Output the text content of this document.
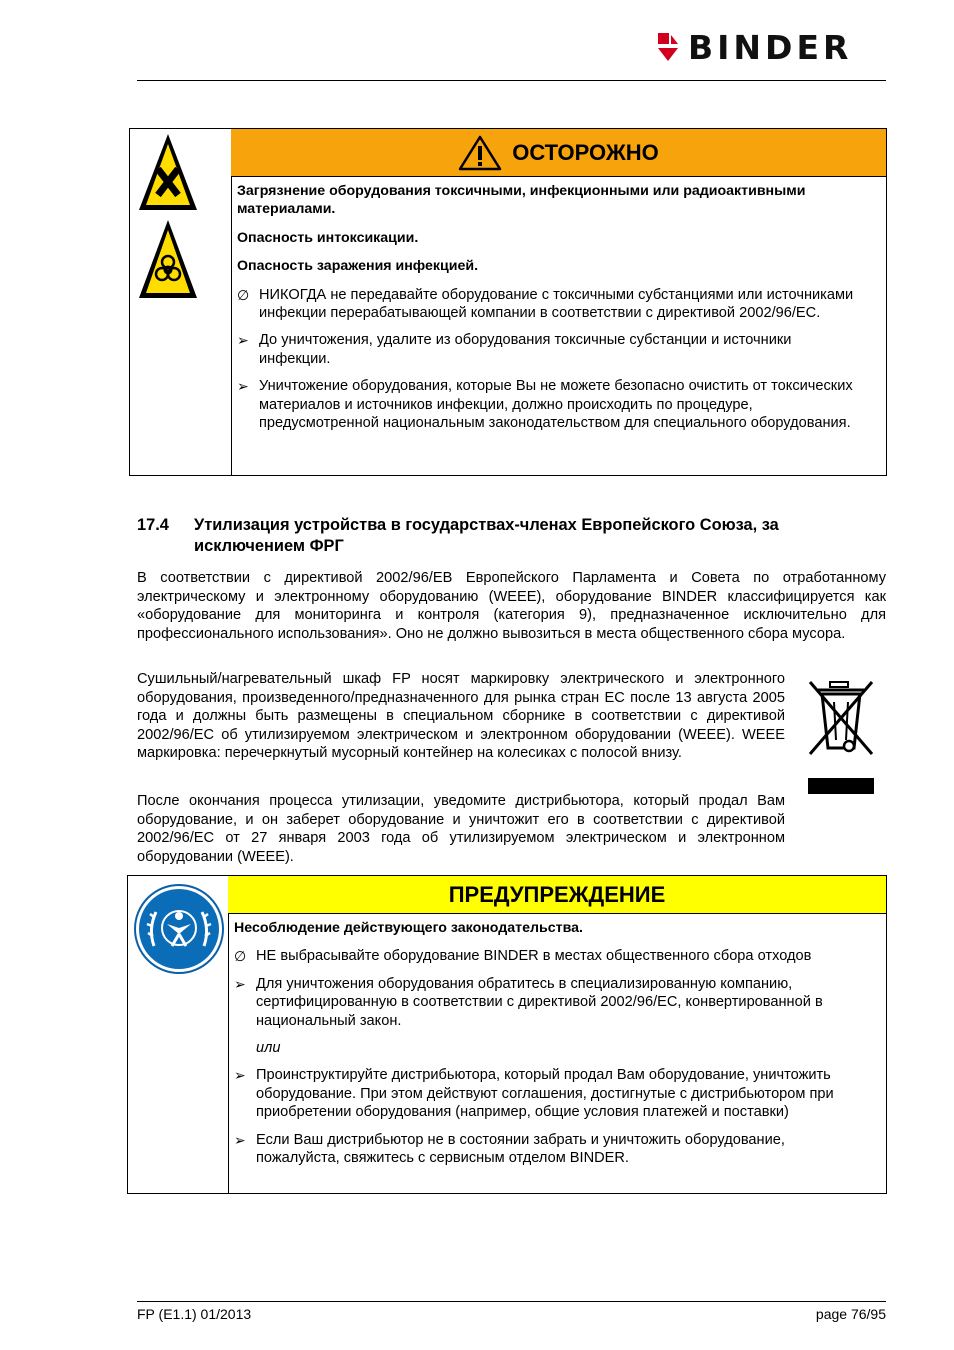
BINDER
ОСТОРОЖНО
Загрязнение оборудования токсичными, инфекционными или радиоактивными материалами.
Опасность интоксикации.
Опасность заражения инфекцией.
∅ НИКОГДА не передавайте оборудование с токсичными субстанциями или источниками инфекции перерабатывающей компании в соответствии с директивой 2002/96/ЕС.
➢ До уничтожения, удалите из оборудования токсичные субстанции и источники инфекции.
➢ Уничтожение оборудования, которые Вы не можете безопасно очистить от токсических материалов и источников инфекции, должно происходить по процедуре, предусмотренной национальным законодательством для специального оборудования.
17.4 Утилизация устройства в государствах-членах Европейского Союза, за исключением ФРГ
В соответствии с директивой 2002/96/ЕВ Европейского Парламента и Совета по отработанному электрическому и электронному оборудованию (WEEE), оборудование BINDER классифицируется как «оборудование для мониторинга и контроля (категория 9), предназначенное исключительно для профессионального использования». Оно не должно вывозиться в места общественного сбора мусора.
Сушильный/нагревательный шкаф FP носят маркировку электрического и электронного оборудования, произведенного/предназначенного для рынка стран ЕС после 13 августа 2005 года и должны быть размещены в специальном сборнике в соответствии с директивой 2002/96/ЕС об утилизируемом электрическом и электронном оборудовании (WEEE). WEEE маркировка: перечеркнутый мусорный контейнер на колесиках с полосой внизу.
После окончания процесса утилизации, уведомите дистрибьютора, который продал Вам оборудование, и он заберет оборудование и уничтожит его в соответствии с директивой 2002/96/ЕС от 27 января 2003 года об утилизируемом электрическом и электронном оборудовании (WEEE).
ПРЕДУПРЕЖДЕНИЕ
Несоблюдение действующего законодательства.
∅ НЕ выбрасывайте оборудование BINDER в местах общественного сбора отходов
➢ Для уничтожения оборудования обратитесь в специализированную компанию, сертифицированную в соответствии с директивой 2002/96/ЕС, конвертированной в национальный закон.
или
➢ Проинструктируйте дистрибьютора, который продал Вам оборудование, уничтожить оборудование. При этом действуют соглашения, достигнутые с дистрибьютором при приобретении оборудования (например, общие условия платежей и поставки)
➢ Если Ваш дистрибьютор не в состоянии забрать и уничтожить оборудование, пожалуйста, свяжитесь с сервисным отделом BINDER.
FP (E1.1) 01/2013	page 76/95
